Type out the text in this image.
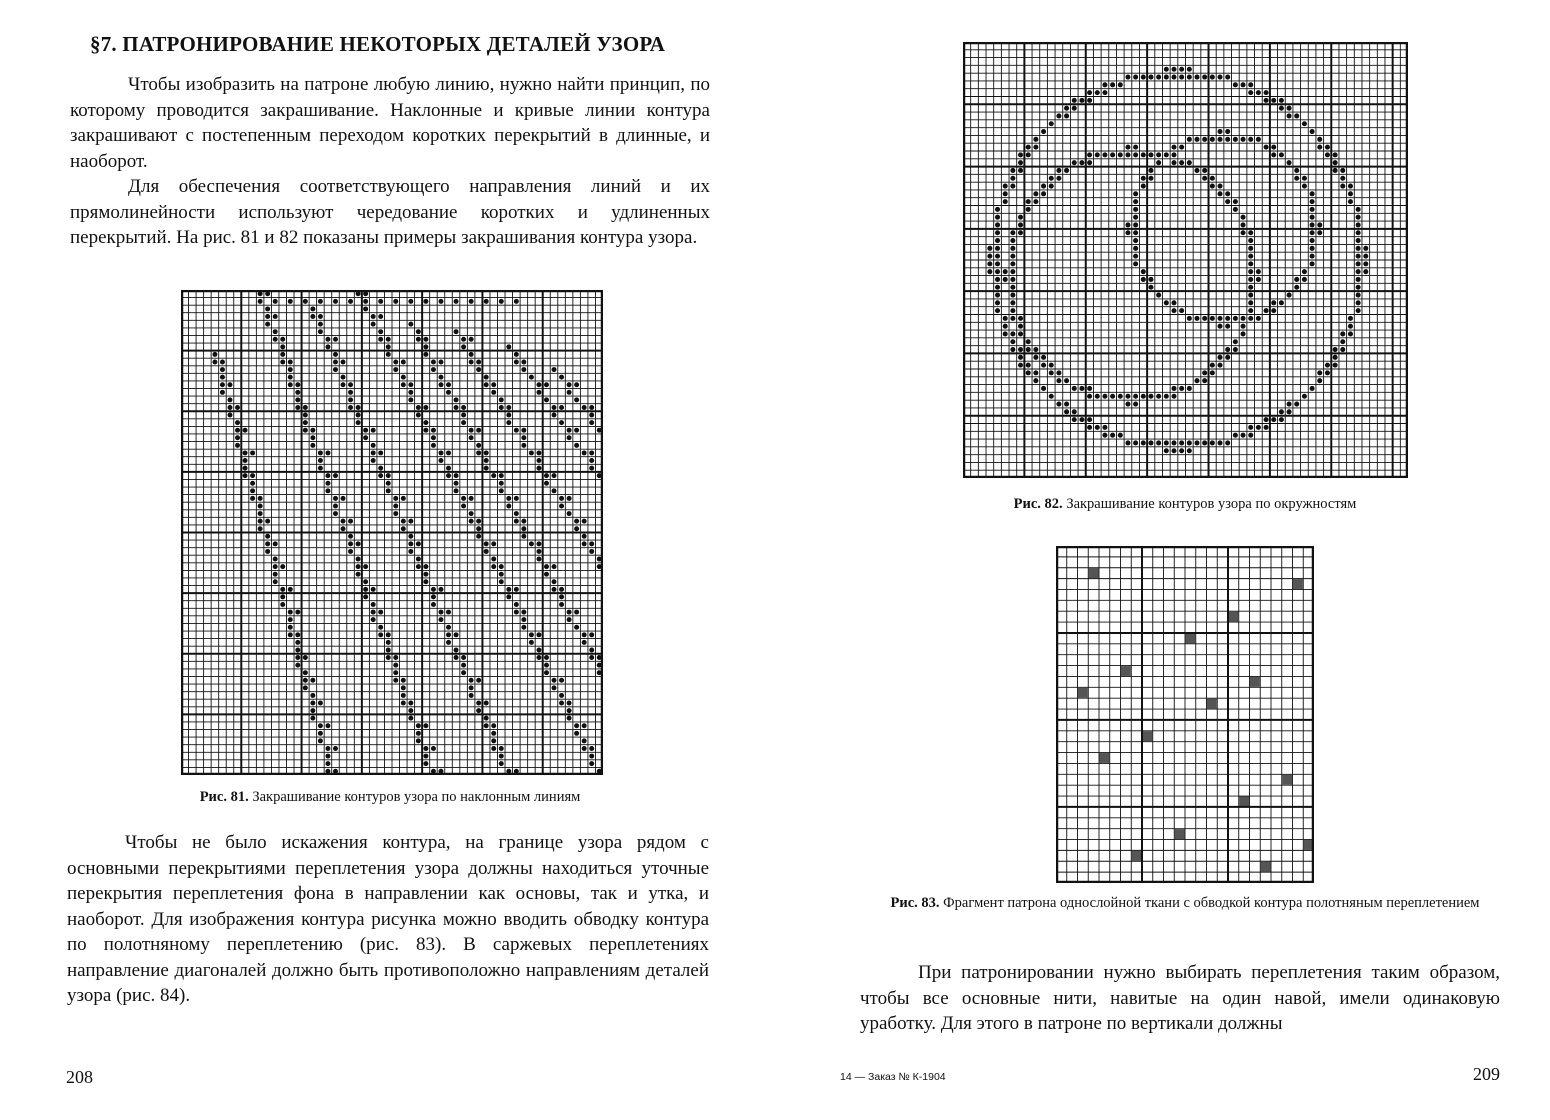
§7. ПАТРОНИРОВАНИЕ НЕКОТОРЫХ ДЕТАЛЕЙ УЗОРА

Чтобы изобразить на патроне любую линию, нужно найти принцип, по которому проводится закрашивание. Наклонные и кривые линии контура закрашивают с постепенным переходом коротких перекрытий в длинные, и наоборот.

Для обеспечения соответствующего направления линий и их прямолинейности используют чередование коротких и удлиненных перекрытий. На рис. 81 и 82 показаны примеры закрашивания контура узора.

Рис. 81. Закрашивание контуров узора по наклонным линиям

Чтобы не было искажения контура, на границе узора рядом с основными перекрытиями переплетения узора должны находиться уточные перекрытия переплетения фона в направлении как основы, так и утка, и наоборот. Для изображения контура рисунка можно вводить обводку контура по полотняному переплетению (рис. 83). В саржевых переплетениях направление диагоналей должно быть противоположно направлениям деталей узора (рис. 84).

208
Рис. 82. Закрашивание контуров узора по окружностям
Рис. 83. Фрагмент патрона однослойной ткани с обводкой контура полотняным переплетением

При патронировании нужно выбирать переплетения таким образом, чтобы все основные нити, навитые на один навой, имели одинаковую уработку. Для этого в патроне по вертикали должны

14 — Заказ № К-1904	209
